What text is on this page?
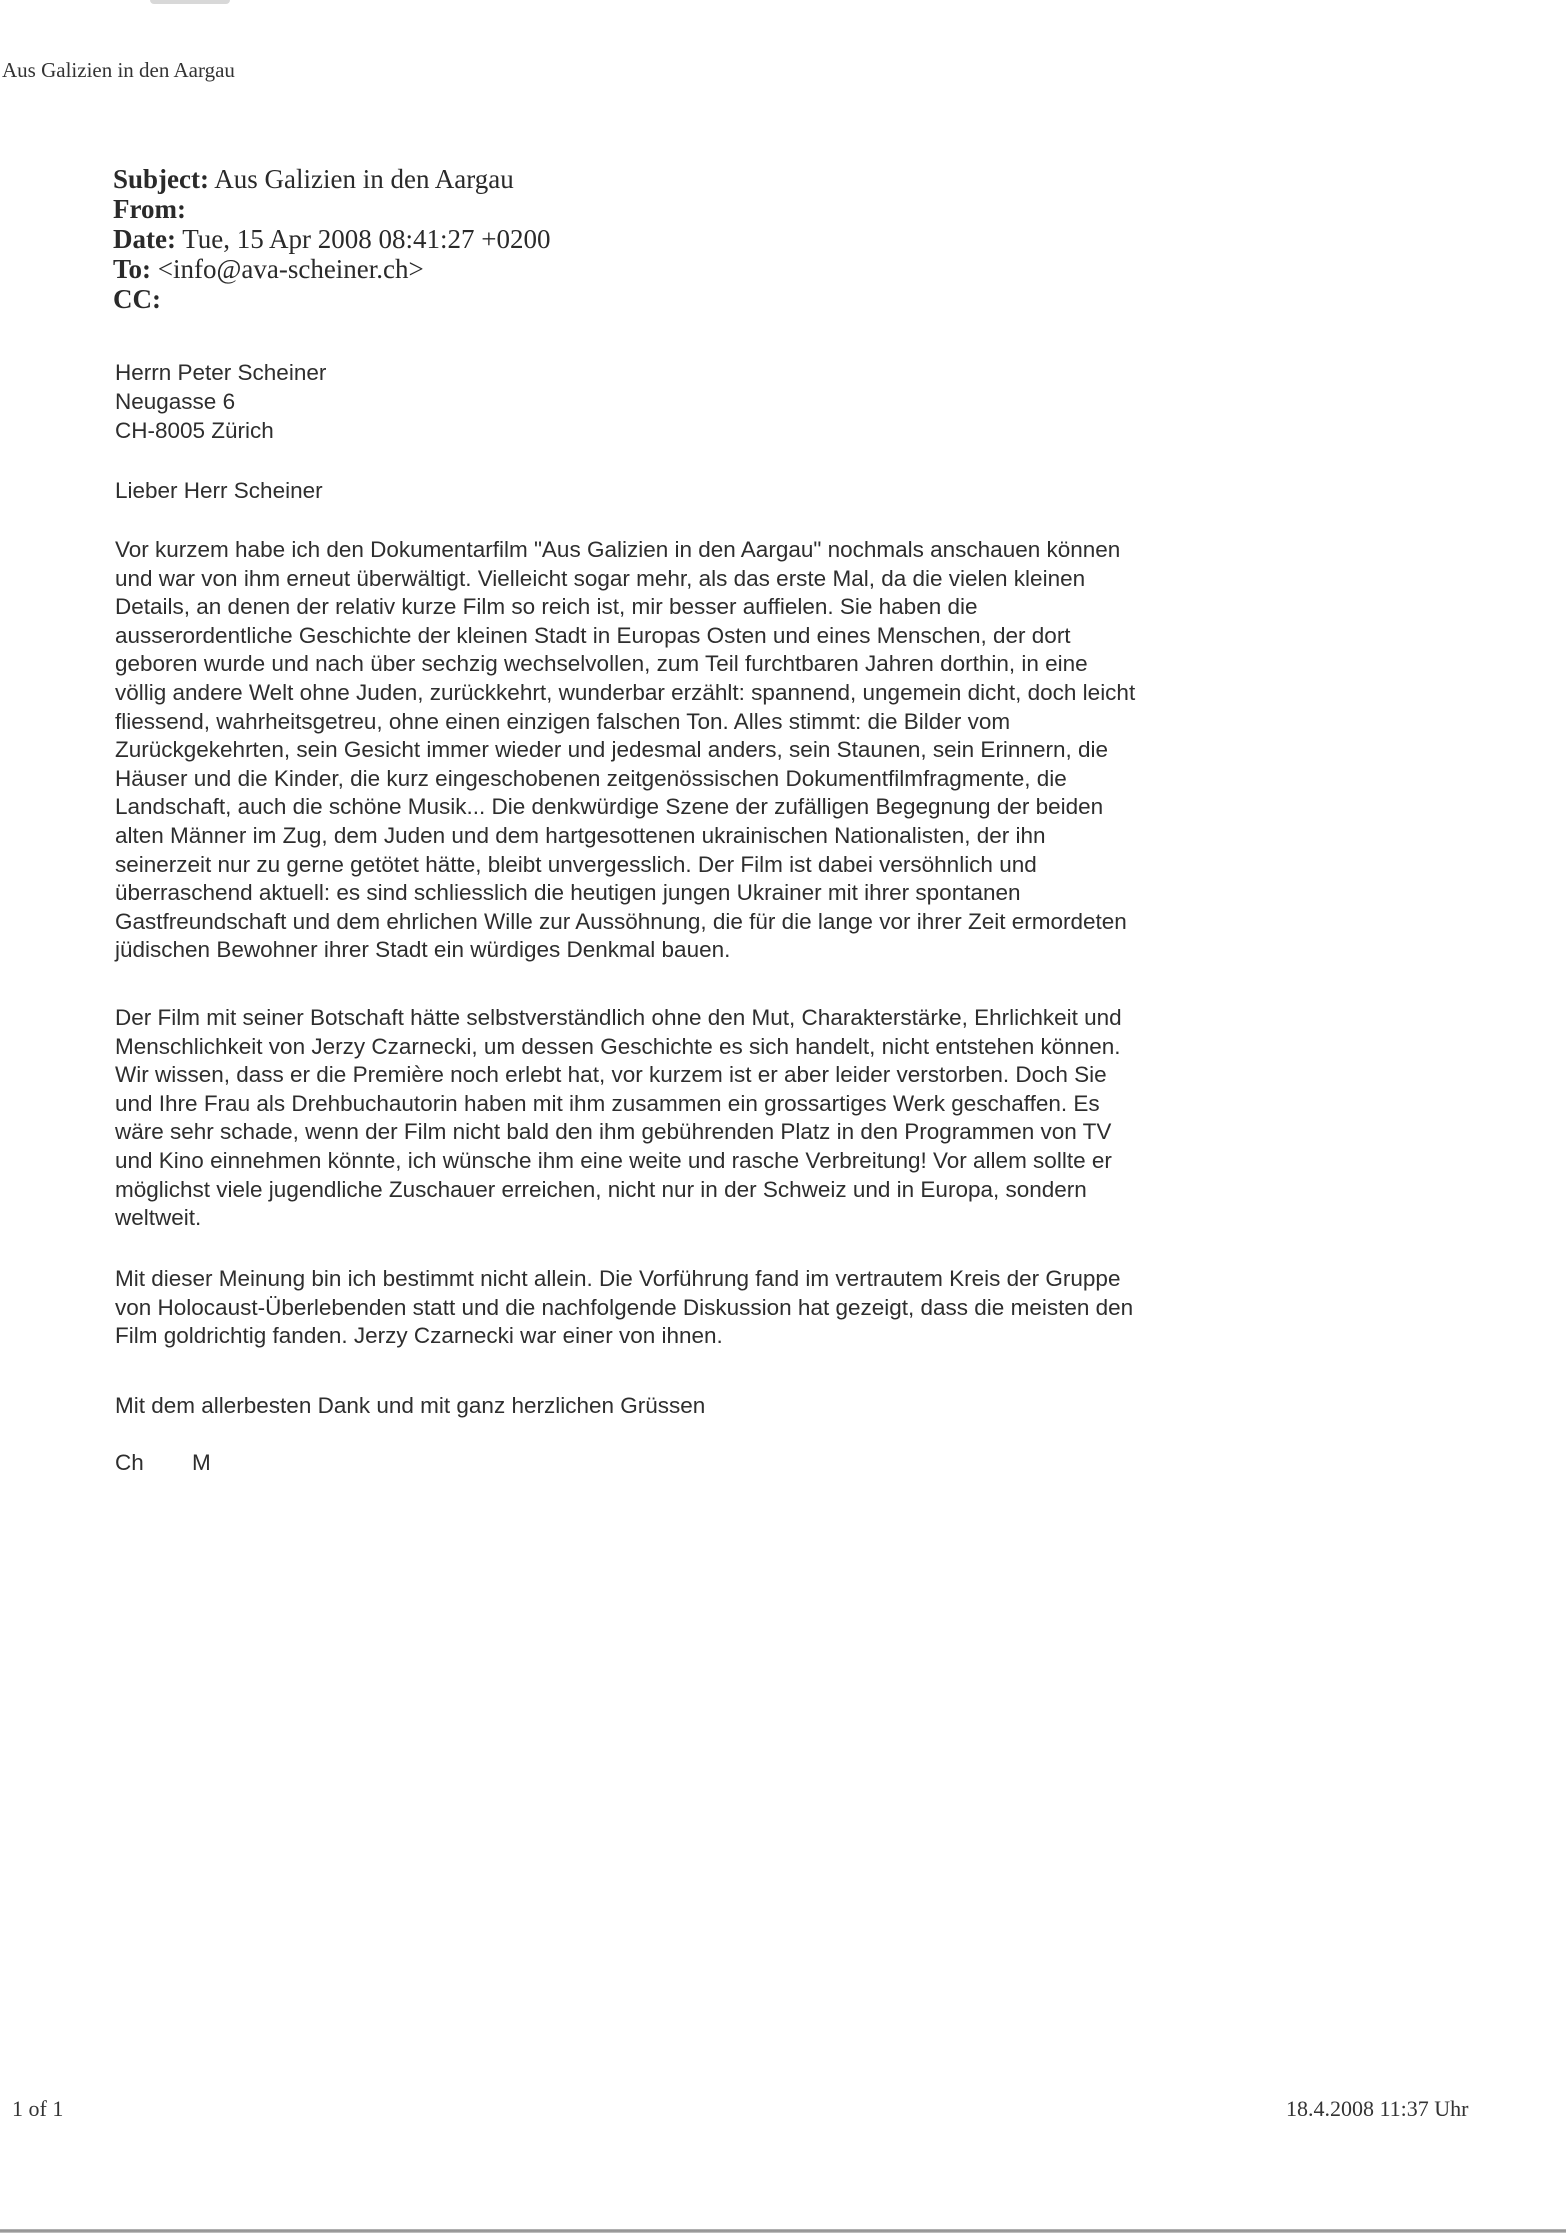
Aus Galizien in den Aargau
Subject: Aus Galizien in den Aargau
From:
Date: Tue, 15 Apr 2008 08:41:27 +0200
To: <info@ava-scheiner.ch>
CC:
Herrn Peter Scheiner
Neugasse 6
CH-8005 Zürich
Lieber Herr Scheiner
Vor kurzem habe ich den Dokumentarfilm "Aus Galizien in den Aargau" nochmals anschauen können
und war von ihm erneut überwältigt. Vielleicht sogar mehr, als das erste Mal, da die vielen kleinen
Details, an denen der relativ kurze Film so reich ist, mir besser auffielen. Sie haben die
ausserordentliche Geschichte der kleinen Stadt in Europas Osten und eines Menschen, der dort
geboren wurde und nach über sechzig wechselvollen, zum Teil furchtbaren Jahren dorthin, in eine
völlig andere Welt ohne Juden, zurückkehrt, wunderbar erzählt: spannend, ungemein dicht, doch leicht
fliessend, wahrheitsgetreu, ohne einen einzigen falschen Ton. Alles stimmt: die Bilder vom
Zurückgekehrten, sein Gesicht immer wieder und jedesmal anders, sein Staunen, sein Erinnern, die
Häuser und die Kinder, die kurz eingeschobenen zeitgenössischen Dokumentfilmfragmente, die
Landschaft, auch die schöne Musik... Die denkwürdige Szene der zufälligen Begegnung der beiden
alten Männer im Zug, dem Juden und dem hartgesottenen ukrainischen Nationalisten, der ihn
seinerzeit nur zu gerne getötet hätte, bleibt unvergesslich. Der Film ist dabei versöhnlich und
überraschend aktuell: es sind schliesslich die heutigen jungen Ukrainer mit ihrer spontanen
Gastfreundschaft und dem ehrlichen Wille zur Aussöhnung, die für die lange vor ihrer Zeit ermordeten
jüdischen Bewohner ihrer Stadt ein würdiges Denkmal bauen.
Der Film mit seiner Botschaft hätte selbstverständlich ohne den Mut, Charakterstärke, Ehrlichkeit und
Menschlichkeit von Jerzy Czarnecki, um dessen Geschichte es sich handelt, nicht entstehen können.
Wir wissen, dass er die Première noch erlebt hat, vor kurzem ist er aber leider verstorben. Doch Sie
und Ihre Frau als Drehbuchautorin haben mit ihm zusammen ein grossartiges Werk geschaffen. Es
wäre sehr schade, wenn der Film nicht bald den ihm gebührenden Platz in den Programmen von TV
und Kino einnehmen könnte, ich wünsche ihm eine weite und rasche Verbreitung! Vor allem sollte er
möglichst viele jugendliche Zuschauer erreichen, nicht nur in der Schweiz und in Europa, sondern
weltweit.
Mit dieser Meinung bin ich bestimmt nicht allein. Die Vorführung fand im vertrautem Kreis der Gruppe
von Holocaust-Überlebenden statt und die nachfolgende Diskussion hat gezeigt, dass die meisten den
Film goldrichtig fanden. Jerzy Czarnecki war einer von ihnen.
Mit dem allerbesten Dank und mit ganz herzlichen Grüssen
Ch M
1 of 1	18.4.2008 11:37 Uhr
